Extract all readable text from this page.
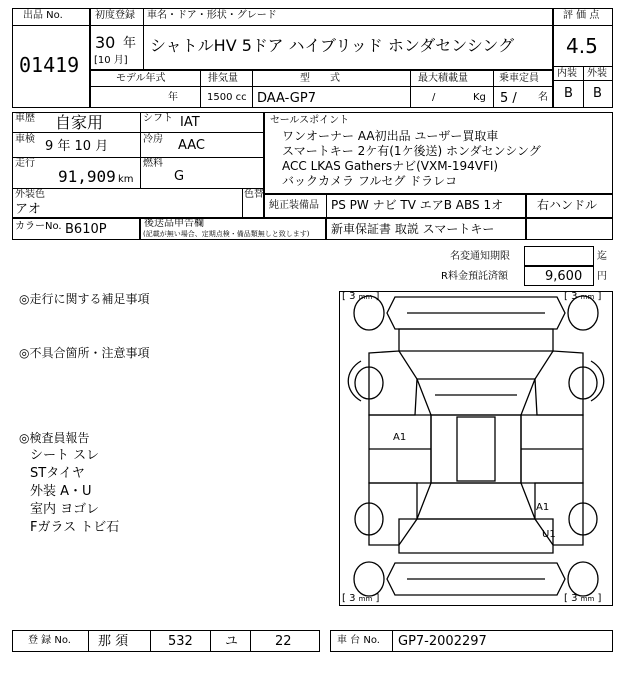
出品 No.
01419
初度登録 車名・ドア・形状・グレード
30 年
[10 月]
シャトルHV 5ドア ハイブリッド ホンダセンシング
評 価 点
4.5
内装 外装
B B
モデル年式	排気量	型　　式	最大積載量	乗車定員
年	1500 cc DAA-GP7	/	Kg 5 / 名
車歴 自家用
車検 9 年 10 月
走行
91,909 km
シフト IAT
冷房 AAC
燃料
G
外装色
アオ
色替
カラーNo. B610P	後送品申告欄
(記載が無い場合、定期点検・備品類無しと致します)
セールスポイント
ワンオーナー AA初出品 ユーザー買取車
スマートキー 2ケ有(1ケ後送) ホンダセンシング
ACC LKAS Gathersナビ(VXM-194VFI)
バックカメラ フルセグ ドラレコ
純正装備品 PS PW ナビ TV エアB ABS 1オ	右ハンドル
新車保証書 取説 スマートキー
名変通知期限	迄
R料金預託済額	9,600 円
◎走行に関する補足事項
◎不具合箇所・注意事項
◎検査員報告
シート スレ
STタイヤ
外装 A・U
室内 ヨゴレ
Fガラス トビ石
[ 3 mm ]	[ 3 mm ]
[ 3 mm ]	[ 3 mm ]
A1
A1
U1
登 録 No. 那 須	532 ユ	22	車 台 No. GP7-2002297
